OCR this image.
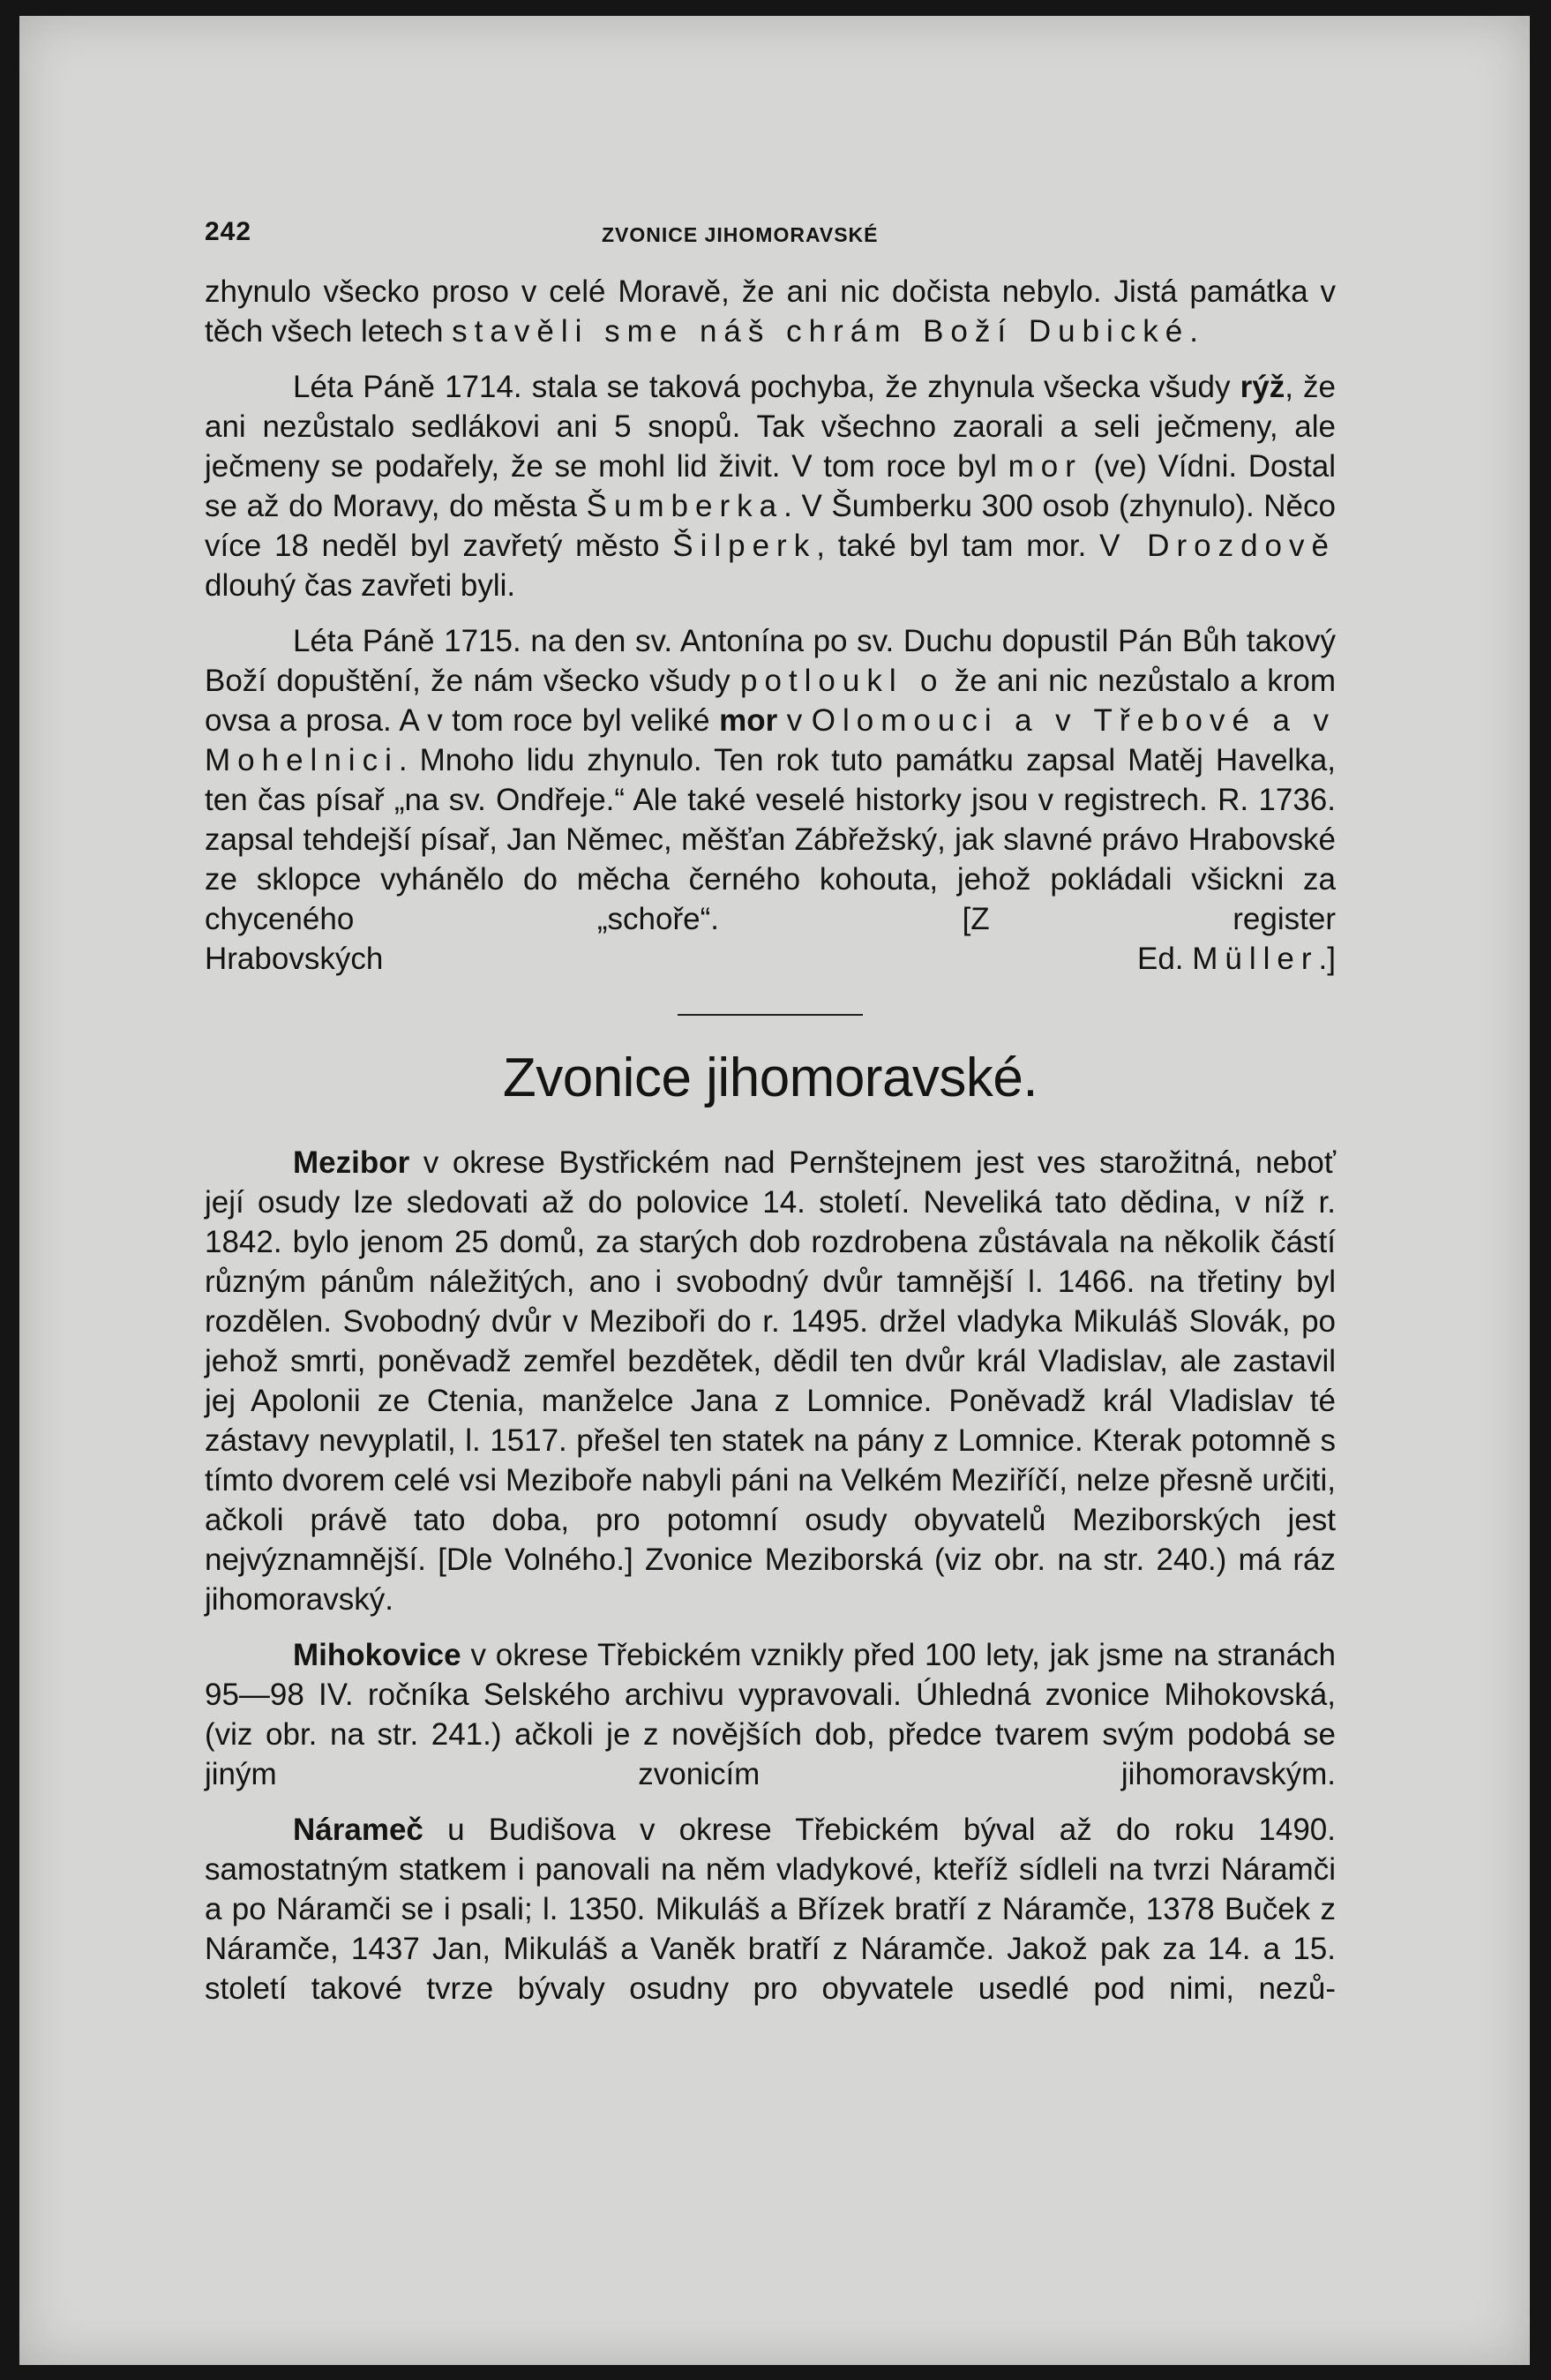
242	ZVONICE JIHOMORAVSKÉ

zhynulo všecko proso v celé Moravě, že ani nic dočista nebylo. Jistá památka v těch všech letech stavěli sme náš chrám Boží Dubické.

Léta Páně 1714. stala se taková pochyba, že zhynula všecka všudy rýž, že ani nezůstalo sedlákovi ani 5 snopů. Tak všechno zaorali a seli ječmeny, ale ječmeny se podařely, že se mohl lid živit. V tom roce byl mor (ve) Vídni. Dostal se až do Moravy, do města Šumberka. V Šumberku 300 osob (zhynulo). Něco více 18 neděl byl zavřetý město Šilperk, také byl tam mor. V Drozdově dlouhý čas zavřeti byli.

Léta Páně 1715. na den sv. Antonína po sv. Duchu dopustil Pán Bůh takový Boží dopuštění, že nám všecko všudy potloukl o že ani nic nezůstalo a krom ovsa a prosa. A v tom roce byl veliké mor v Olomouci a v Třebové a v Mohelnici. Mnoho lidu zhynulo. Ten rok tuto památku zapsal Matěj Havelka, ten čas písař „na sv. Ondřeje.“ Ale také veselé historky jsou v registrech. R. 1736. zapsal tehdejší písař, Jan Němec, měšťan Zábřežský, jak slavné právo Hrabovské ze sklopce vyhánělo do měcha černého kohouta, jehož pokládali všickni za chyceného „schoře“. [Z register

Hrabovských	Ed. Müller.]
Zvonice jihomoravské.

Mezibor v okrese Bystřickém nad Pernštejnem jest ves starožitná, neboť její osudy lze sledovati až do polovice 14. století. Neveliká tato dědina, v níž r. 1842. bylo jenom 25 domů, za starých dob rozdrobena zůstávala na několik částí různým pánům náležitých, ano i svobodný dvůr tamnější l. 1466. na třetiny byl rozdělen. Svobodný dvůr v Meziboři do r. 1495. držel vladyka Mikuláš Slovák, po jehož smrti, poněvadž zemřel bezdětek, dědil ten dvůr král Vladislav, ale zastavil jej Apolonii ze Ctenia, manželce Jana z Lomnice. Poněvadž král Vladislav té zástavy nevyplatil, l. 1517. přešel ten statek na pány z Lomnice. Kterak potomně s tímto dvorem celé vsi Meziboře nabyli páni na Velkém Meziříčí, nelze přesně určiti, ačkoli právě tato doba, pro potomní osudy obyvatelů Meziborských jest nejvýznamnější. [Dle Volného.] Zvonice Meziborská (viz obr. na str. 240.) má ráz jihomoravský.

Mihokovice v okrese Třebickém vznikly před 100 lety, jak jsme na stranách 95—98 IV. ročníka Selského archivu vypravovali. Úhledná zvonice Mihokovská, (viz obr. na str. 241.) ačkoli je z novějších dob, předce tvarem svým podobá se jiným zvonicím jihomoravským.

Náramеč u Budišova v okrese Třebickém býval až do roku 1490. samostatným statkem i panovali na něm vladykové, kteříž sídleli na tvrzi Náramči a po Náramči se i psali; l. 1350. Mikuláš a Břízek bratří z Náramče, 1378 Buček z Náramče, 1437 Jan, Mikuláš a Vaněk bratří z Náramče. Jakož pak za 14. a 15. století takové tvrze bývaly osudny pro obyvatele usedlé pod nimi, nezů-
